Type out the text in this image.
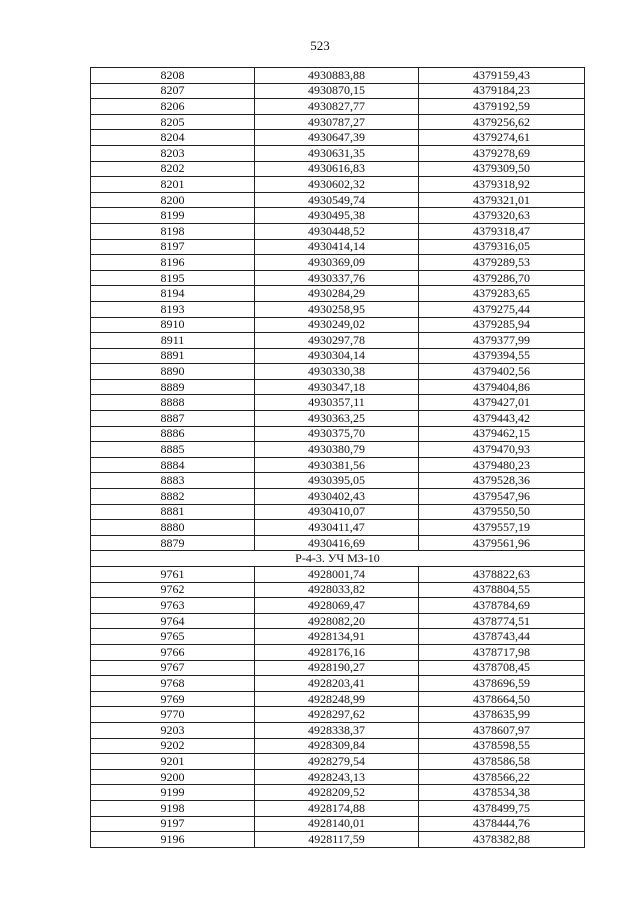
523
8208	4930883,88	4379159,43
8207	4930870,15	4379184,23
8206	4930827,77	4379192,59
8205	4930787,27	4379256,62
8204	4930647,39	4379274,61
8203	4930631,35	4379278,69
8202	4930616,83	4379309,50
8201	4930602,32	4379318,92
8200	4930549,74	4379321,01
8199	4930495,38	4379320,63
8198	4930448,52	4379318,47
8197	4930414,14	4379316,05
8196	4930369,09	4379289,53
8195	4930337,76	4379286,70
8194	4930284,29	4379283,65
8193	4930258,95	4379275,44
8910	4930249,02	4379285,94
8911	4930297,78	4379377,99
8891	4930304,14	4379394,55
8890	4930330,38	4379402,56
8889	4930347,18	4379404,86
8888	4930357,11	4379427,01
8887	4930363,25	4379443,42
8886	4930375,70	4379462,15
8885	4930380,79	4379470,93
8884	4930381,56	4379480,23
8883	4930395,05	4379528,36
8882	4930402,43	4379547,96
8881	4930410,07	4379550,50
8880	4930411,47	4379557,19
8879	4930416,69	4379561,96
Р-4-3. УЧ МЗ-10		
9761	4928001,74	4378822,63
9762	4928033,82	4378804,55
9763	4928069,47	4378784,69
9764	4928082,20	4378774,51
9765	4928134,91	4378743,44
9766	4928176,16	4378717,98
9767	4928190,27	4378708,45
9768	4928203,41	4378696,59
9769	4928248,99	4378664,50
9770	4928297,62	4378635,99
9203	4928338,37	4378607,97
9202	4928309,84	4378598,55
9201	4928279,54	4378586,58
9200	4928243,13	4378566,22
9199	4928209,52	4378534,38
9198	4928174,88	4378499,75
9197	4928140,01	4378444,76
9196	4928117,59	4378382,88
